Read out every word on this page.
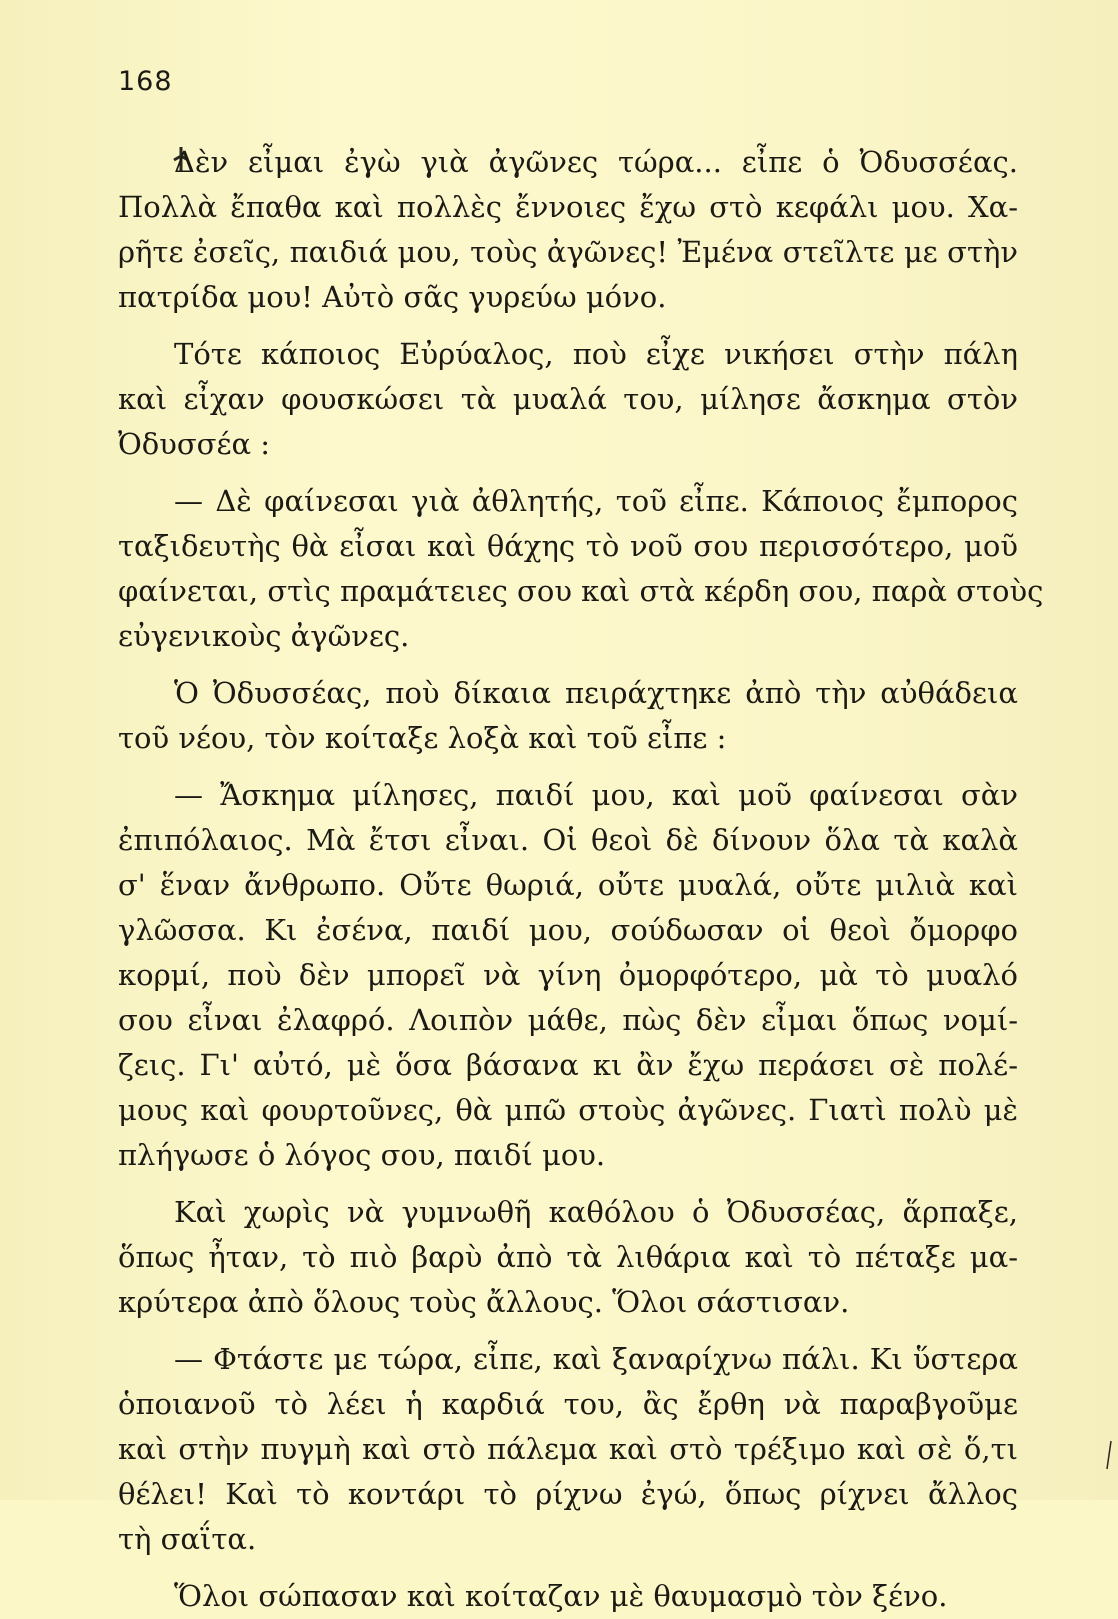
168
Δὲν εἶμαι ἐγὼ γιὰ ἀγῶνες τώρα... εἶπε ὁ Ὀδυσσέας.
Πολλὰ ἔπαθα καὶ πολλὲς ἔννοιες ἔχω στὸ κεφάλι μου. Χα-
ρῆτε ἐσεῖς, παιδιά μου, τοὺς ἀγῶνες! Ἐμένα στεῖλτε με στὴν
πατρίδα μου! Αὐτὸ σᾶς γυρεύω μόνο.
Τότε κάποιος Εὐρύαλος, ποὺ εἶχε νικήσει στὴν πάλη
καὶ εἶχαν φουσκώσει τὰ μυαλά του, μίλησε ἄσκημα στὸν
Ὀδυσσέα :
— Δὲ φαίνεσαι γιὰ ἀθλητής, τοῦ εἶπε. Κάποιος ἔμπορος
ταξιδευτὴς θὰ εἶσαι καὶ θάχης τὸ νοῦ σου περισσότερο, μοῦ
φαίνεται, στὶς πραμάτειες σου καὶ στὰ κέρδη σου, παρὰ στοὺς
εὐγενικοὺς ἀγῶνες.
Ὁ Ὀδυσσέας, ποὺ δίκαια πειράχτηκε ἀπὸ τὴν αὐθάδεια
τοῦ νέου, τὸν κοίταξε λοξὰ καὶ τοῦ εἶπε :
— Ἄσκημα μίλησες, παιδί μου, καὶ μοῦ φαίνεσαι σὰν
ἐπιπόλαιος. Μὰ ἔτσι εἶναι. Οἱ θεοὶ δὲ δίνουν ὅλα τὰ καλὰ
σ' ἕναν ἄνθρωπο. Οὔτε θωριά, οὔτε μυαλά, οὔτε μιλιὰ καὶ
γλῶσσα. Κι ἐσένα, παιδί μου, σούδωσαν οἱ θεοὶ ὄμορφο
κορμί, ποὺ δὲν μπορεῖ νὰ γίνη ὀμορφότερο, μὰ τὸ μυαλό
σου εἶναι ἐλαφρό. Λοιπὸν μάθε, πὼς δὲν εἶμαι ὅπως νομί-
ζεις. Γι' αὐτό, μὲ ὅσα βάσανα κι ἂν ἔχω περάσει σὲ πολέ-
μους καὶ φουρτοῦνες, θὰ μπῶ στοὺς ἀγῶνες. Γιατὶ πολὺ μὲ
πλήγωσε ὁ λόγος σου, παιδί μου.
Καὶ χωρὶς νὰ γυμνωθῆ καθόλου ὁ Ὀδυσσέας, ἅρπαξε,
ὅπως ἦταν, τὸ πιὸ βαρὺ ἀπὸ τὰ λιθάρια καὶ τὸ πέταξε μα-
κρύτερα ἀπὸ ὅλους τοὺς ἄλλους. Ὅλοι σάστισαν.
— Φτάστε με τώρα, εἶπε, καὶ ξαναρίχνω πάλι. Κι ὕστερα
ὁποιανοῦ τὸ λέει ἡ καρδιά του, ἂς ἔρθη νὰ παραβγοῦμε
καὶ στὴν πυγμὴ καὶ στὸ πάλεμα καὶ στὸ τρέξιμο καὶ σὲ ὅ,τι
θέλει! Καὶ τὸ κοντάρι τὸ ρίχνω ἐγώ, ὅπως ρίχνει ἄλλος
τὴ σαΐτα.
Ὅλοι σώπασαν καὶ κοίταζαν μὲ θαυμασμὸ τὸν ξένο.
